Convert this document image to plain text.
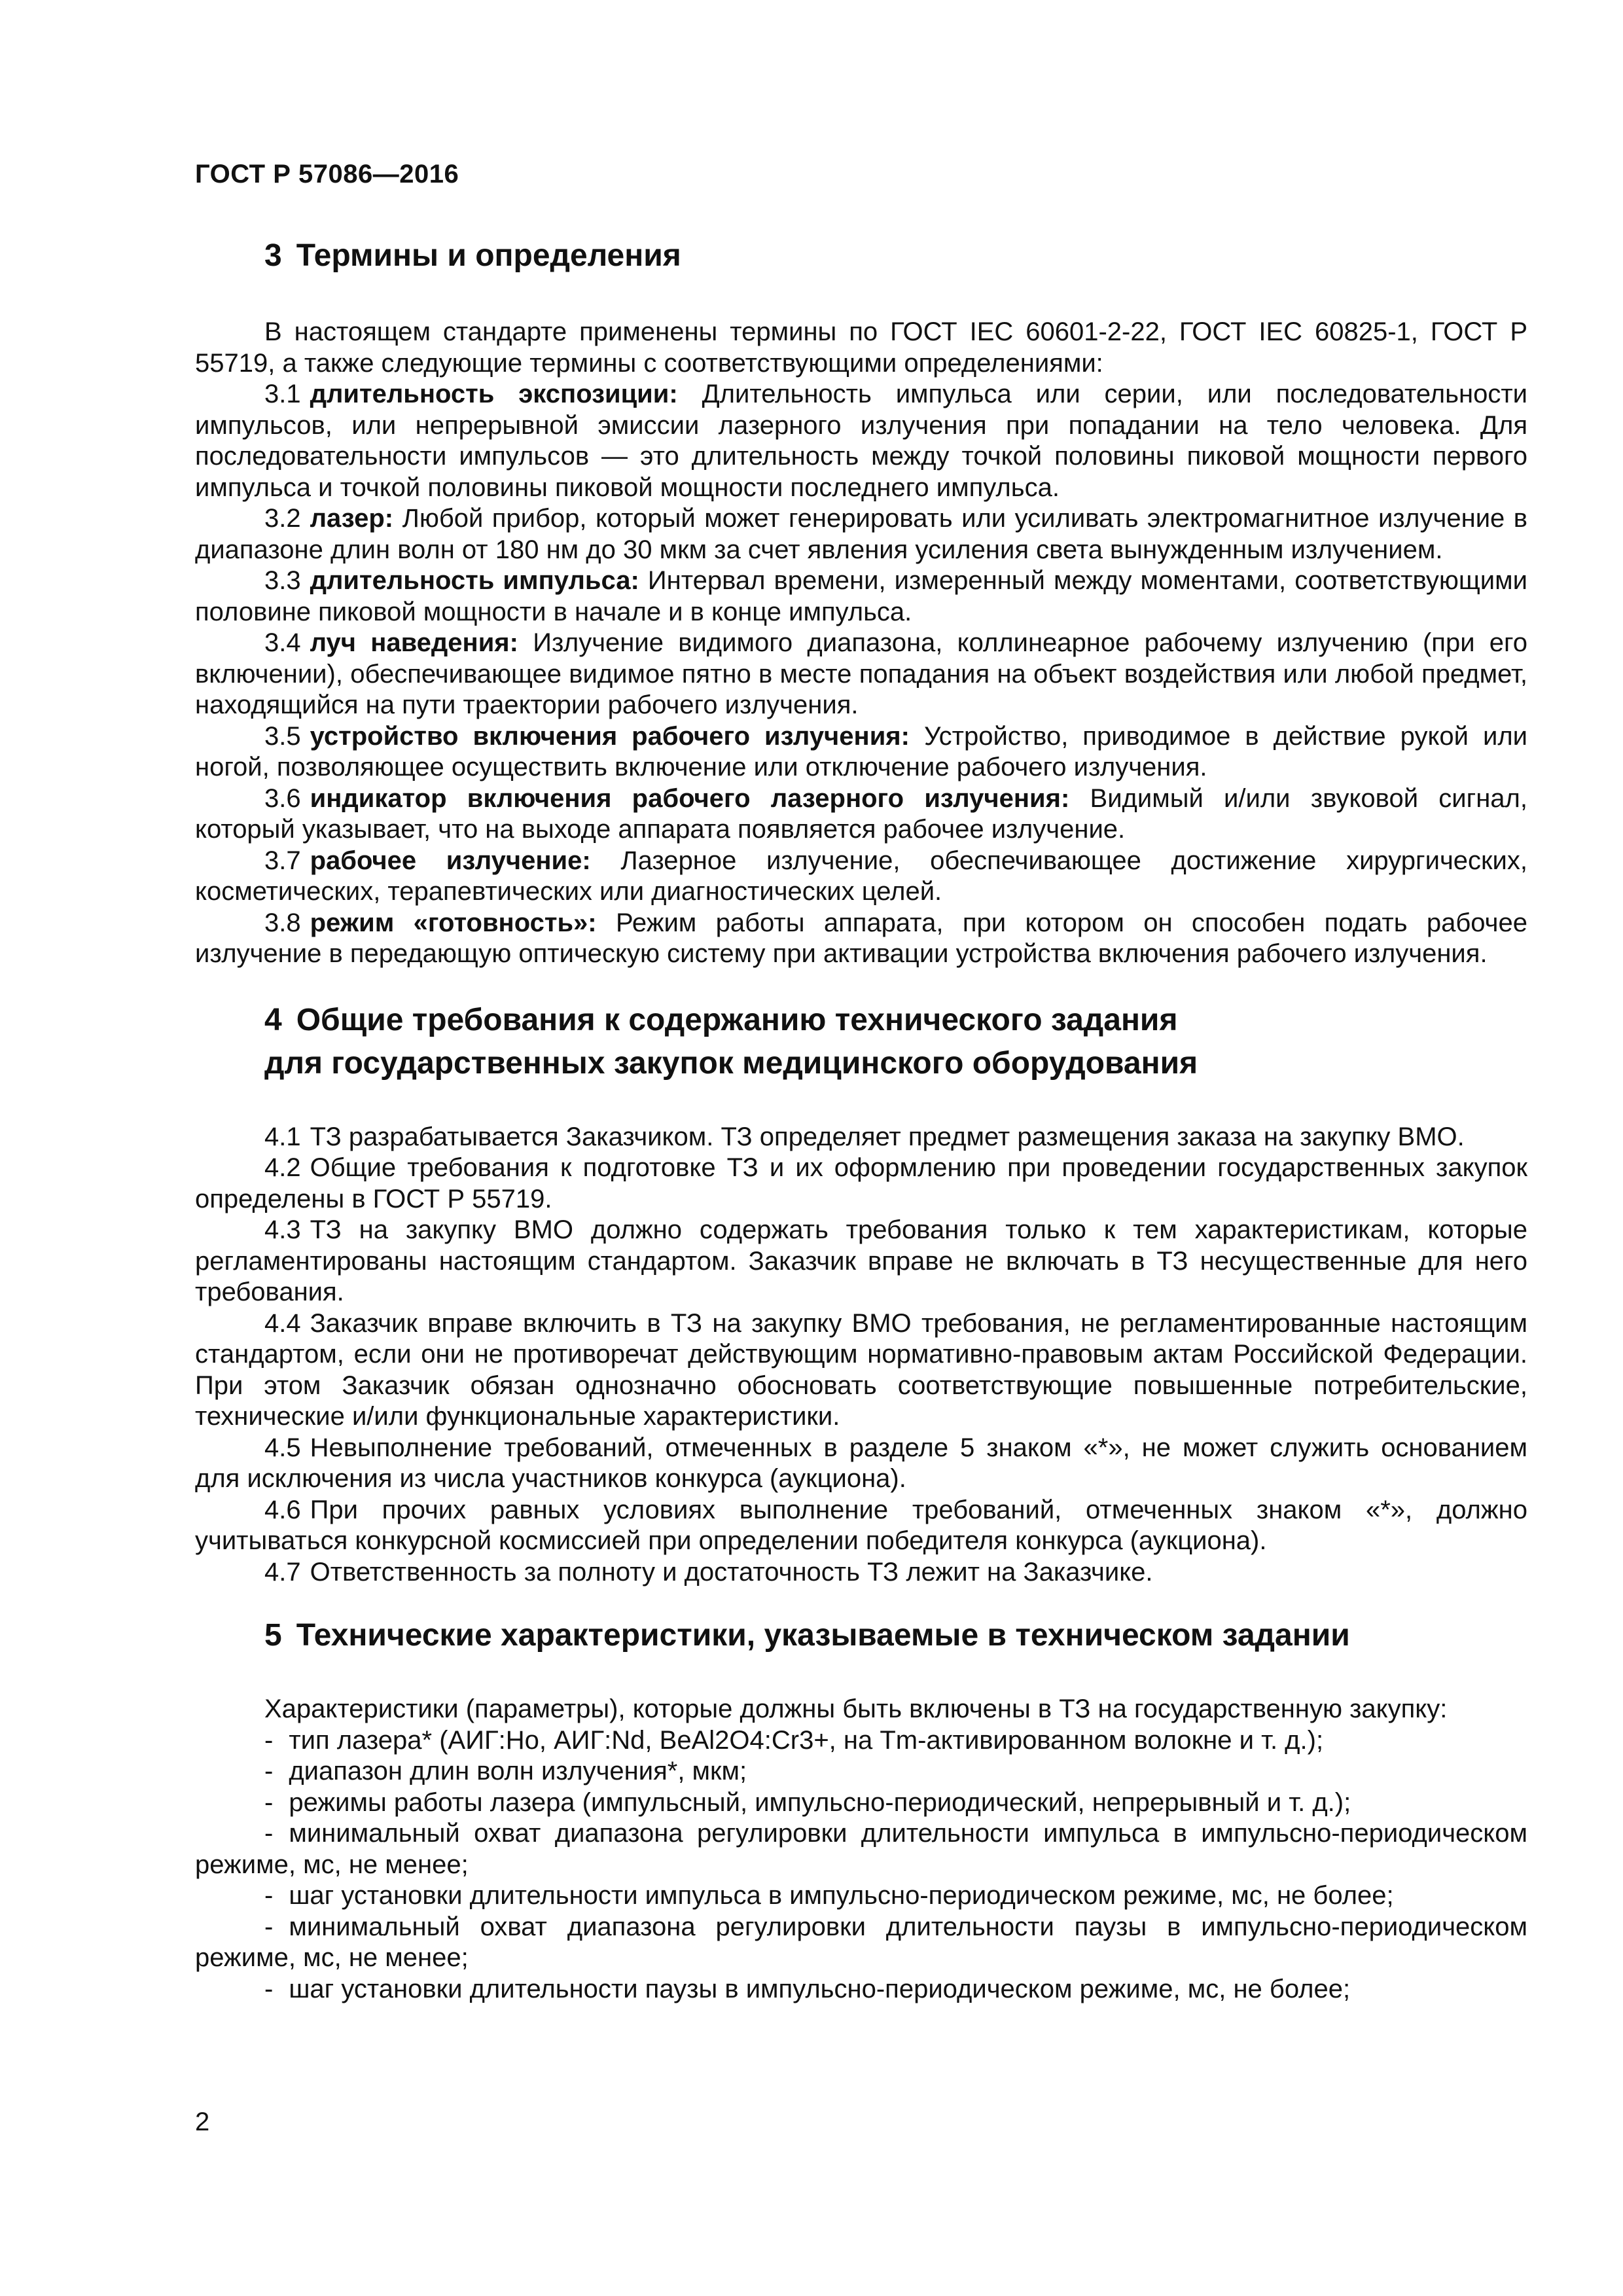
ГОСТ Р 57086—2016
3 Термины и определения

В настоящем стандарте применены термины по ГОСТ IEC 60601-2-22, ГОСТ IEC 60825-1, ГОСТ Р 55719, а также следующие термины с соответствующими определениями:

3.1 длительность экспозиции: Длительность импульса или серии, или последовательности импульсов, или непрерывной эмиссии лазерного излучения при попадании на тело человека. Для последовательности импульсов — это длительность между точкой половины пиковой мощности первого импульса и точкой половины пиковой мощности последнего импульса.

3.2 лазер: Любой прибор, который может генерировать или усиливать электромагнитное излучение в диапазоне длин волн от 180 нм до 30 мкм за счет явления усиления света вынужденным излучением.

3.3 длительность импульса: Интервал времени, измеренный между моментами, соответствующими половине пиковой мощности в начале и в конце импульса.

3.4 луч наведения: Излучение видимого диапазона, коллинеарное рабочему излучению (при его включении), обеспечивающее видимое пятно в месте попадания на объект воздействия или любой предмет, находящийся на пути траектории рабочего излучения.

3.5 устройство включения рабочего излучения: Устройство, приводимое в действие рукой или ногой, позволяющее осуществить включение или отключение рабочего излучения.

3.6 индикатор включения рабочего лазерного излучения: Видимый и/или звуковой сигнал, который указывает, что на выходе аппарата появляется рабочее излучение.

3.7 рабочее излучение: Лазерное излучение, обеспечивающее достижение хирургических, косметических, терапевтических или диагностических целей.

3.8 режим «готовность»: Режим работы аппарата, при котором он способен подать рабочее излучение в передающую оптическую систему при активации устройства включения рабочего излучения.

4 Общие требования к содержанию технического задания
для государственных закупок медицинского оборудования

4.1 ТЗ разрабатывается Заказчиком. ТЗ определяет предмет размещения заказа на закупку ВМО.

4.2 Общие требования к подготовке ТЗ и их оформлению при проведении государственных закупок определены в ГОСТ Р 55719.

4.3 ТЗ на закупку ВМО должно содержать требования только к тем характеристикам, которые регламентированы настоящим стандартом. Заказчик вправе не включать в ТЗ несущественные для него требования.

4.4 Заказчик вправе включить в ТЗ на закупку ВМО требования, не регламентированные настоящим стандартом, если они не противоречат действующим нормативно-правовым актам Российской Федерации. При этом Заказчик обязан однозначно обосновать соответствующие повышенные потребительские, технические и/или функциональные характеристики.

4.5 Невыполнение требований, отмеченных в разделе 5 знаком «*», не может служить основанием для исключения из числа участников конкурса (аукциона).

4.6 При прочих равных условиях выполнение требований, отмеченных знаком «*», должно учитываться конкурсной космиссией при определении победителя конкурса (аукциона).

4.7 Ответственность за полноту и достаточность ТЗ лежит на Заказчике.

5 Технические характеристики, указываемые в техническом задании

Характеристики (параметры), которые должны быть включены в ТЗ на государственную закупку:

- тип лазера* (АИГ:Но, АИГ:Nd, BeAl2O4:Cr3+, на Tm-активированном волокне и т. д.);

- диапазон длин волн излучения*, мкм;

- режимы работы лазера (импульсный, импульсно-периодический, непрерывный и т. д.);

- минимальный охват диапазона регулировки длительности импульса в импульсно-периодическом режиме, мс, не менее;

- шаг установки длительности импульса в импульсно-периодическом режиме, мс, не более;

- минимальный охват диапазона регулировки длительности паузы в импульсно-периодическом режиме, мс, не менее;

- шаг установки длительности паузы в импульсно-периодическом режиме, мс, не более;

2
